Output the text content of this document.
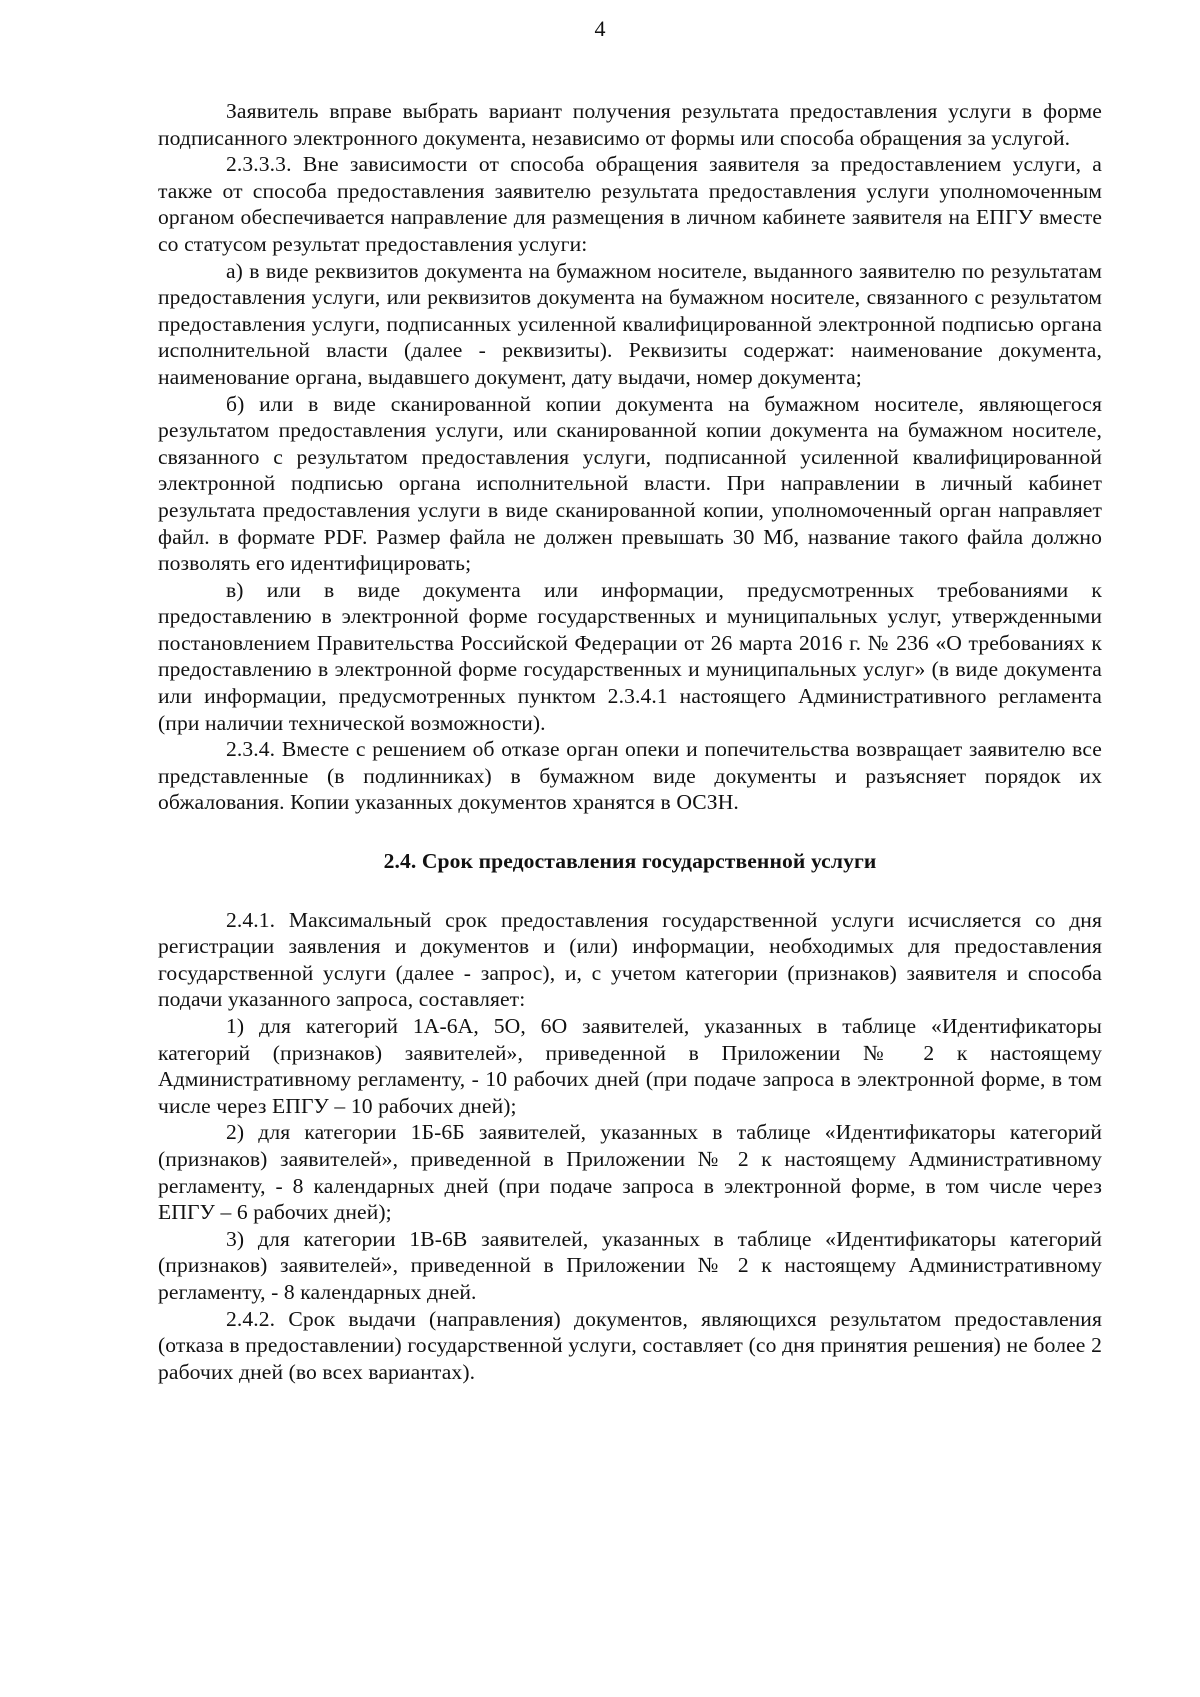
4

Заявитель вправе выбрать вариант получения результата предоставления услуги в форме подписанного электронного документа, независимо от формы или способа обращения за услугой.

2.3.3.3. Вне зависимости от способа обращения заявителя за предоставлением услуги, а также от способа предоставления заявителю результата предоставления услуги уполномоченным органом обеспечивается направление для размещения в личном кабинете заявителя на ЕПГУ вместе со статусом результат предоставления услуги:

а) в виде реквизитов документа на бумажном носителе, выданного заявителю по результатам предоставления услуги, или реквизитов документа на бумажном носителе, связанного с результатом предоставления услуги, подписанных усиленной квалифицированной электронной подписью органа исполнительной власти (далее - реквизиты). Реквизиты содержат: наименование документа, наименование органа, выдавшего документ, дату выдачи, номер документа;

б) или в виде сканированной копии документа на бумажном носителе, являющегося результатом предоставления услуги, или сканированной копии документа на бумажном носителе, связанного с результатом предоставления услуги, подписанной усиленной квалифицированной электронной подписью органа исполнительной власти. При направлении в личный кабинет результата предоставления услуги в виде сканированной копии, уполномоченный орган направляет файл. в формате PDF. Размер файла не должен превышать 30 Мб, название такого файла должно позволять его идентифицировать;

в) или в виде документа или информации, предусмотренных требованиями к предоставлению в электронной форме государственных и муниципальных услуг, утвержденными постановлением Правительства Российской Федерации от 26 марта 2016 г. № 236 «О требованиях к предоставлению в электронной форме государственных и муниципальных услуг» (в виде документа или информации, предусмотренных пунктом 2.3.4.1 настоящего Административного регламента (при наличии технической возможности).

2.3.4. Вместе с решением об отказе орган опеки и попечительства возвращает заявителю все представленные (в подлинниках) в бумажном виде документы и разъясняет порядок их обжалования. Копии указанных документов хранятся в ОСЗН.

2.4. Срок предоставления государственной услуги

2.4.1. Максимальный срок предоставления государственной услуги исчисляется со дня регистрации заявления и документов и (или) информации, необходимых для предоставления государственной услуги (далее - запрос), и, с учетом категории (признаков) заявителя и способа подачи указанного запроса, составляет:

1) для категорий 1А-6А, 5О, 6О заявителей, указанных в таблице «Идентификаторы категорий (признаков) заявителей», приведенной в Приложении № 2 к настоящему Административному регламенту, - 10 рабочих дней (при подаче запроса в электронной форме, в том числе через ЕПГУ – 10 рабочих дней);

2) для категории 1Б-6Б заявителей, указанных в таблице «Идентификаторы категорий (признаков) заявителей», приведенной в Приложении № 2 к настоящему Административному регламенту, - 8 календарных дней (при подаче запроса в электронной форме, в том числе через ЕПГУ – 6 рабочих дней);

3) для категории 1В-6В заявителей, указанных в таблице «Идентификаторы категорий (признаков) заявителей», приведенной в Приложении № 2 к настоящему Административному регламенту, - 8 календарных дней.

2.4.2. Срок выдачи (направления) документов, являющихся результатом предоставления (отказа в предоставлении) государственной услуги, составляет (со дня принятия решения) не более 2 рабочих дней (во всех вариантах).
